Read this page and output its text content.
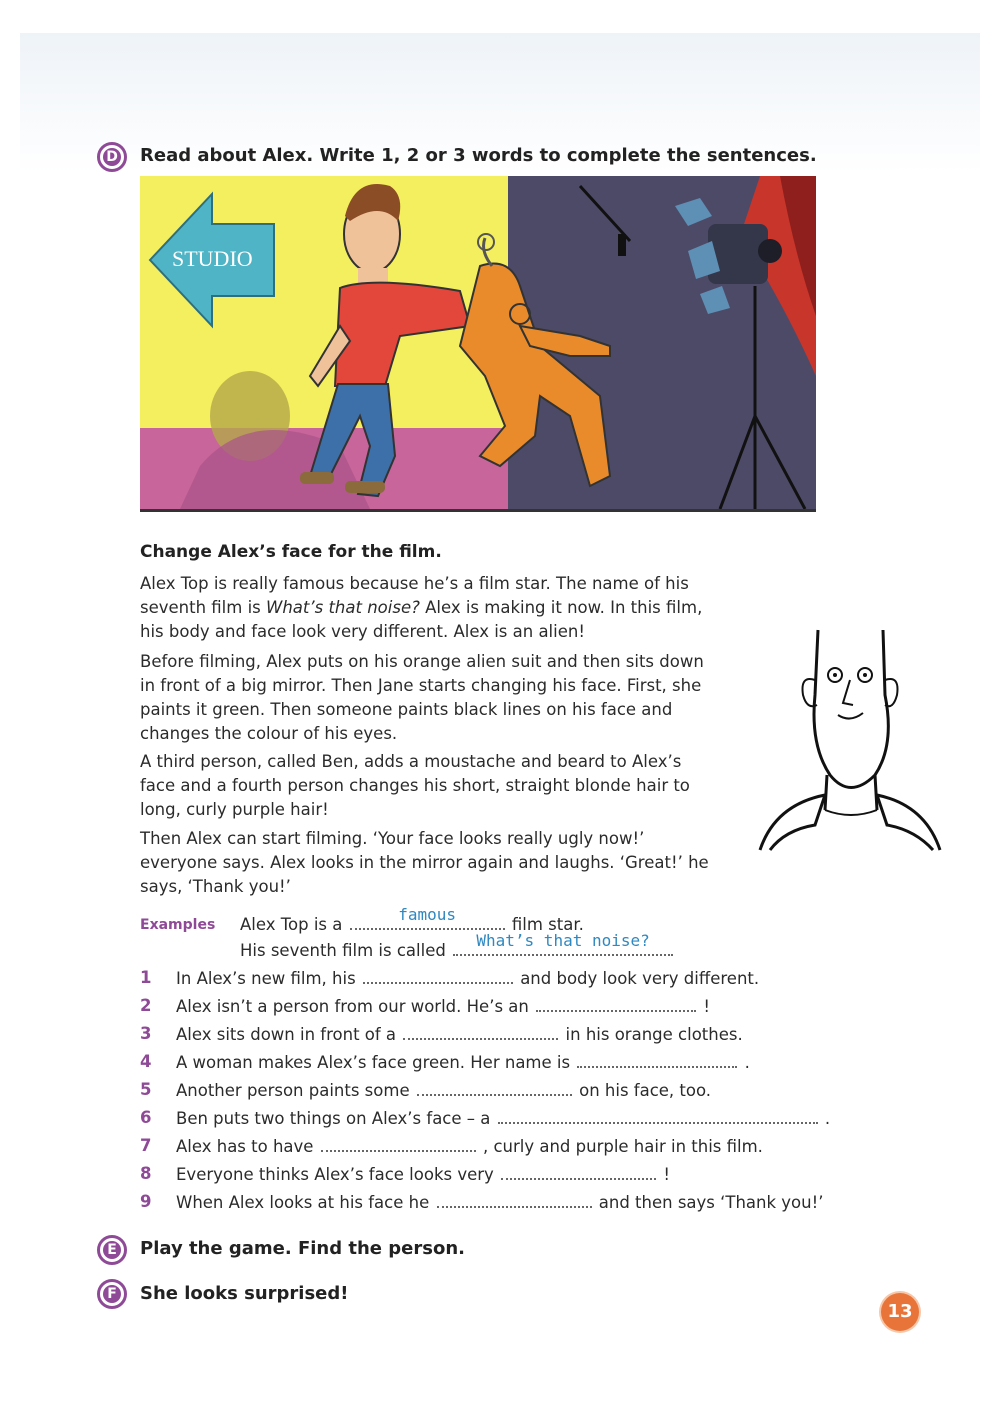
D Read about Alex. Write 1, 2 or 3 words to complete the sentences.
STUDIO
Change Alex’s face for the film.
Alex Top is really famous because he’s a film star. The name of his seventh film is What’s that noise? Alex is making it now. In this film, his body and face look very different. Alex is an alien!
Before filming, Alex puts on his orange alien suit and then sits down in front of a big mirror. Then Jane starts changing his face. First, she paints it green. Then someone paints black lines on his face and changes the colour of his eyes.
A third person, called Ben, adds a moustache and beard to Alex’s face and a fourth person changes his short, straight blonde hair to long, curly purple hair!
Then Alex can start filming. ‘Your face looks really ugly now!’ everyone says. Alex looks in the mirror again and laughs. ‘Great!’ he says, ‘Thank you!’
Examples Alex Top is a
famous
film star.
His seventh film is called
What’s that noise?
1 In Alex’s new film, his	and body look very different.
2 Alex isn’t a person from our world. He’s an	!
3 Alex sits down in front of a	in his orange clothes.
4 A woman makes Alex’s face green. Her name is	.
5 Another person paints some	on his face, too.
6 Ben puts two things on Alex’s face – a	.
7 Alex has to have	, curly and purple hair in this film.
8 Everyone thinks Alex’s face looks very	!
9 When Alex looks at his face he	and then says ‘Thank you!’
E Play the game. Find the person.
F She looks surprised!
13
